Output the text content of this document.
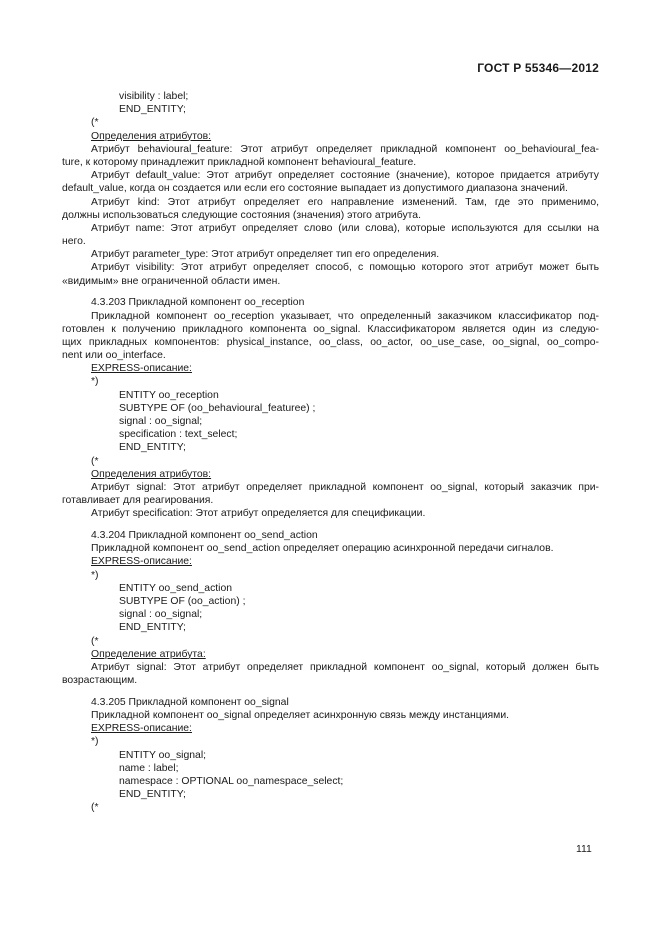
ГОСТ Р 55346—2012
visibility : label;
END_ENTITY;
(*
Определения атрибутов:
Атрибут behavioural_feature: Этот атрибут определяет прикладной компонент oo_behavioural_fea-
ture, к которому принадлежит прикладной компонент behavioural_feature.
Атрибут default_value: Этот атрибут определяет состояние (значение), которое придается атрибуту
default_value, когда он создается или если его состояние выпадает из допустимого диапазона значений.
Атрибут kind: Этот атрибут определяет его направление изменений. Там, где это применимо,
должны использоваться следующие состояния (значения) этого атрибута.
Атрибут name: Этот атрибут определяет слово (или слова), которые используются для ссылки на
него.
Атрибут parameter_type: Этот атрибут определяет тип его определения.
Атрибут visibility: Этот атрибут определяет способ, с помощью которого этот атрибут может быть
«видимым» вне ограниченной области имен.
4.3.203 Прикладной компонент oo_reception
Прикладной компонент oo_reception указывает, что определенный заказчиком классификатор под-
готовлен к получению прикладного компонента oo_signal. Классификатором является один из следую-
щих прикладных компонентов: physical_instance, oo_class, oo_actor, oo_use_case, oo_signal, oo_compo-
nent или oo_interface.
EXPRESS-описание:
*)
ENTITY oo_reception
SUBTYPE OF (oo_behavioural_featuree) ;
signal : oo_signal;
specification : text_select;
END_ENTITY;
(*
Определения атрибутов:
Атрибут signal: Этот атрибут определяет прикладной компонент oo_signal, который заказчик при-
готавливает для реагирования.
Атрибут specification: Этот атрибут определяется для спецификации.
4.3.204 Прикладной компонент oo_send_action
Прикладной компонент oo_send_action определяет операцию асинхронной передачи сигналов.
EXPRESS-описание:
*)
ENTITY oo_send_action
SUBTYPE OF (oo_action) ;
signal : oo_signal;
END_ENTITY;
(*
Определение атрибута:
Атрибут signal: Этот атрибут определяет прикладной компонент oo_signal, который должен быть
возрастающим.
4.3.205 Прикладной компонент oo_signal
Прикладной компонент oo_signal определяет асинхронную связь между инстанциями.
EXPRESS-описание:
*)
ENTITY oo_signal;
name : label;
namespace : OPTIONAL oo_namespace_select;
END_ENTITY;
(*
111
